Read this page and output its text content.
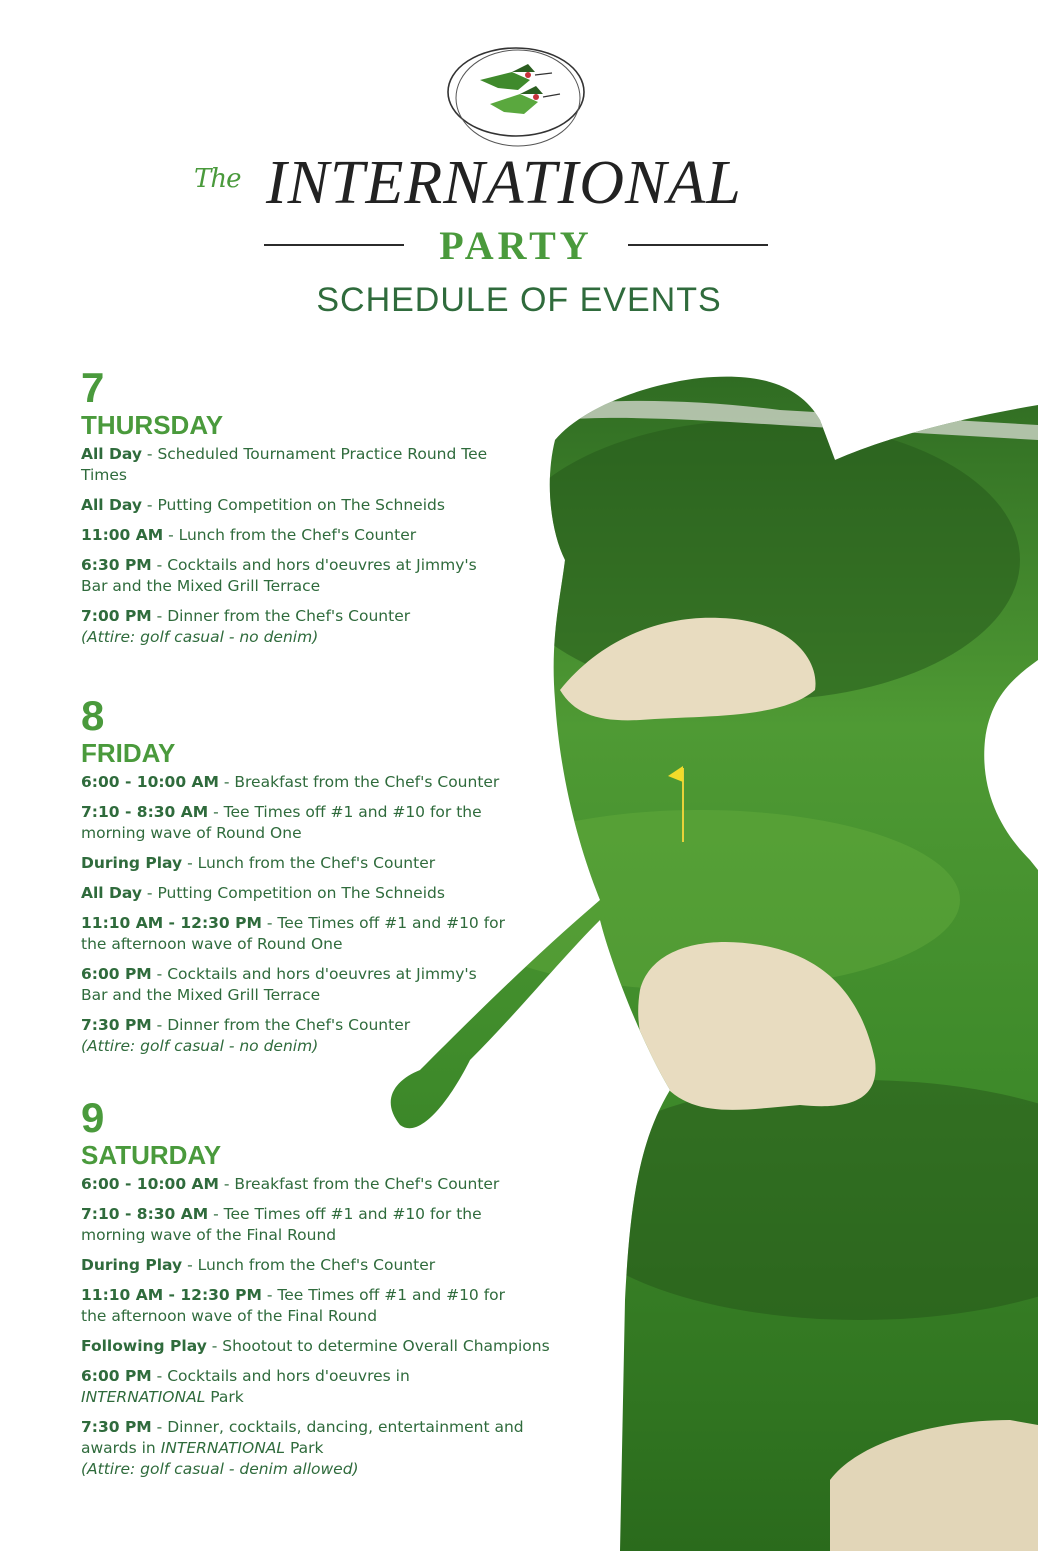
The INTERNATIONAL
PARTY
SCHEDULE OF EVENTS
7
THURSDAY
All Day - Scheduled Tournament Practice Round Tee Times
All Day - Putting Competition on The Schneids
11:00 AM - Lunch from the Chef's Counter
6:30 PM - Cocktails and hors d'oeuvres at Jimmy's Bar and the Mixed Grill Terrace
7:00 PM - Dinner from the Chef's Counter
(Attire: golf casual - no denim)
8
FRIDAY
6:00 - 10:00 AM - Breakfast from the Chef's Counter
7:10 - 8:30 AM - Tee Times off #1 and #10 for the morning wave of Round One
During Play - Lunch from the Chef's Counter
All Day - Putting Competition on The Schneids
11:10 AM - 12:30 PM - Tee Times off #1 and #10 for the afternoon wave of Round One
6:00 PM - Cocktails and hors d'oeuvres at Jimmy's Bar and the Mixed Grill Terrace
7:30 PM - Dinner from the Chef's Counter
(Attire: golf casual - no denim)
9
SATURDAY
6:00 - 10:00 AM - Breakfast from the Chef's Counter
7:10 - 8:30 AM - Tee Times off #1 and #10 for the morning wave of the Final Round
During Play - Lunch from the Chef's Counter
11:10 AM - 12:30 PM - Tee Times off #1 and #10 for the afternoon wave of the Final Round
Following Play - Shootout to determine Overall Champions
6:00 PM - Cocktails and hors d'oeuvres in INTERNATIONAL Park
7:30 PM - Dinner, cocktails, dancing, entertainment and awards in INTERNATIONAL Park
(Attire: golf casual - denim allowed)
